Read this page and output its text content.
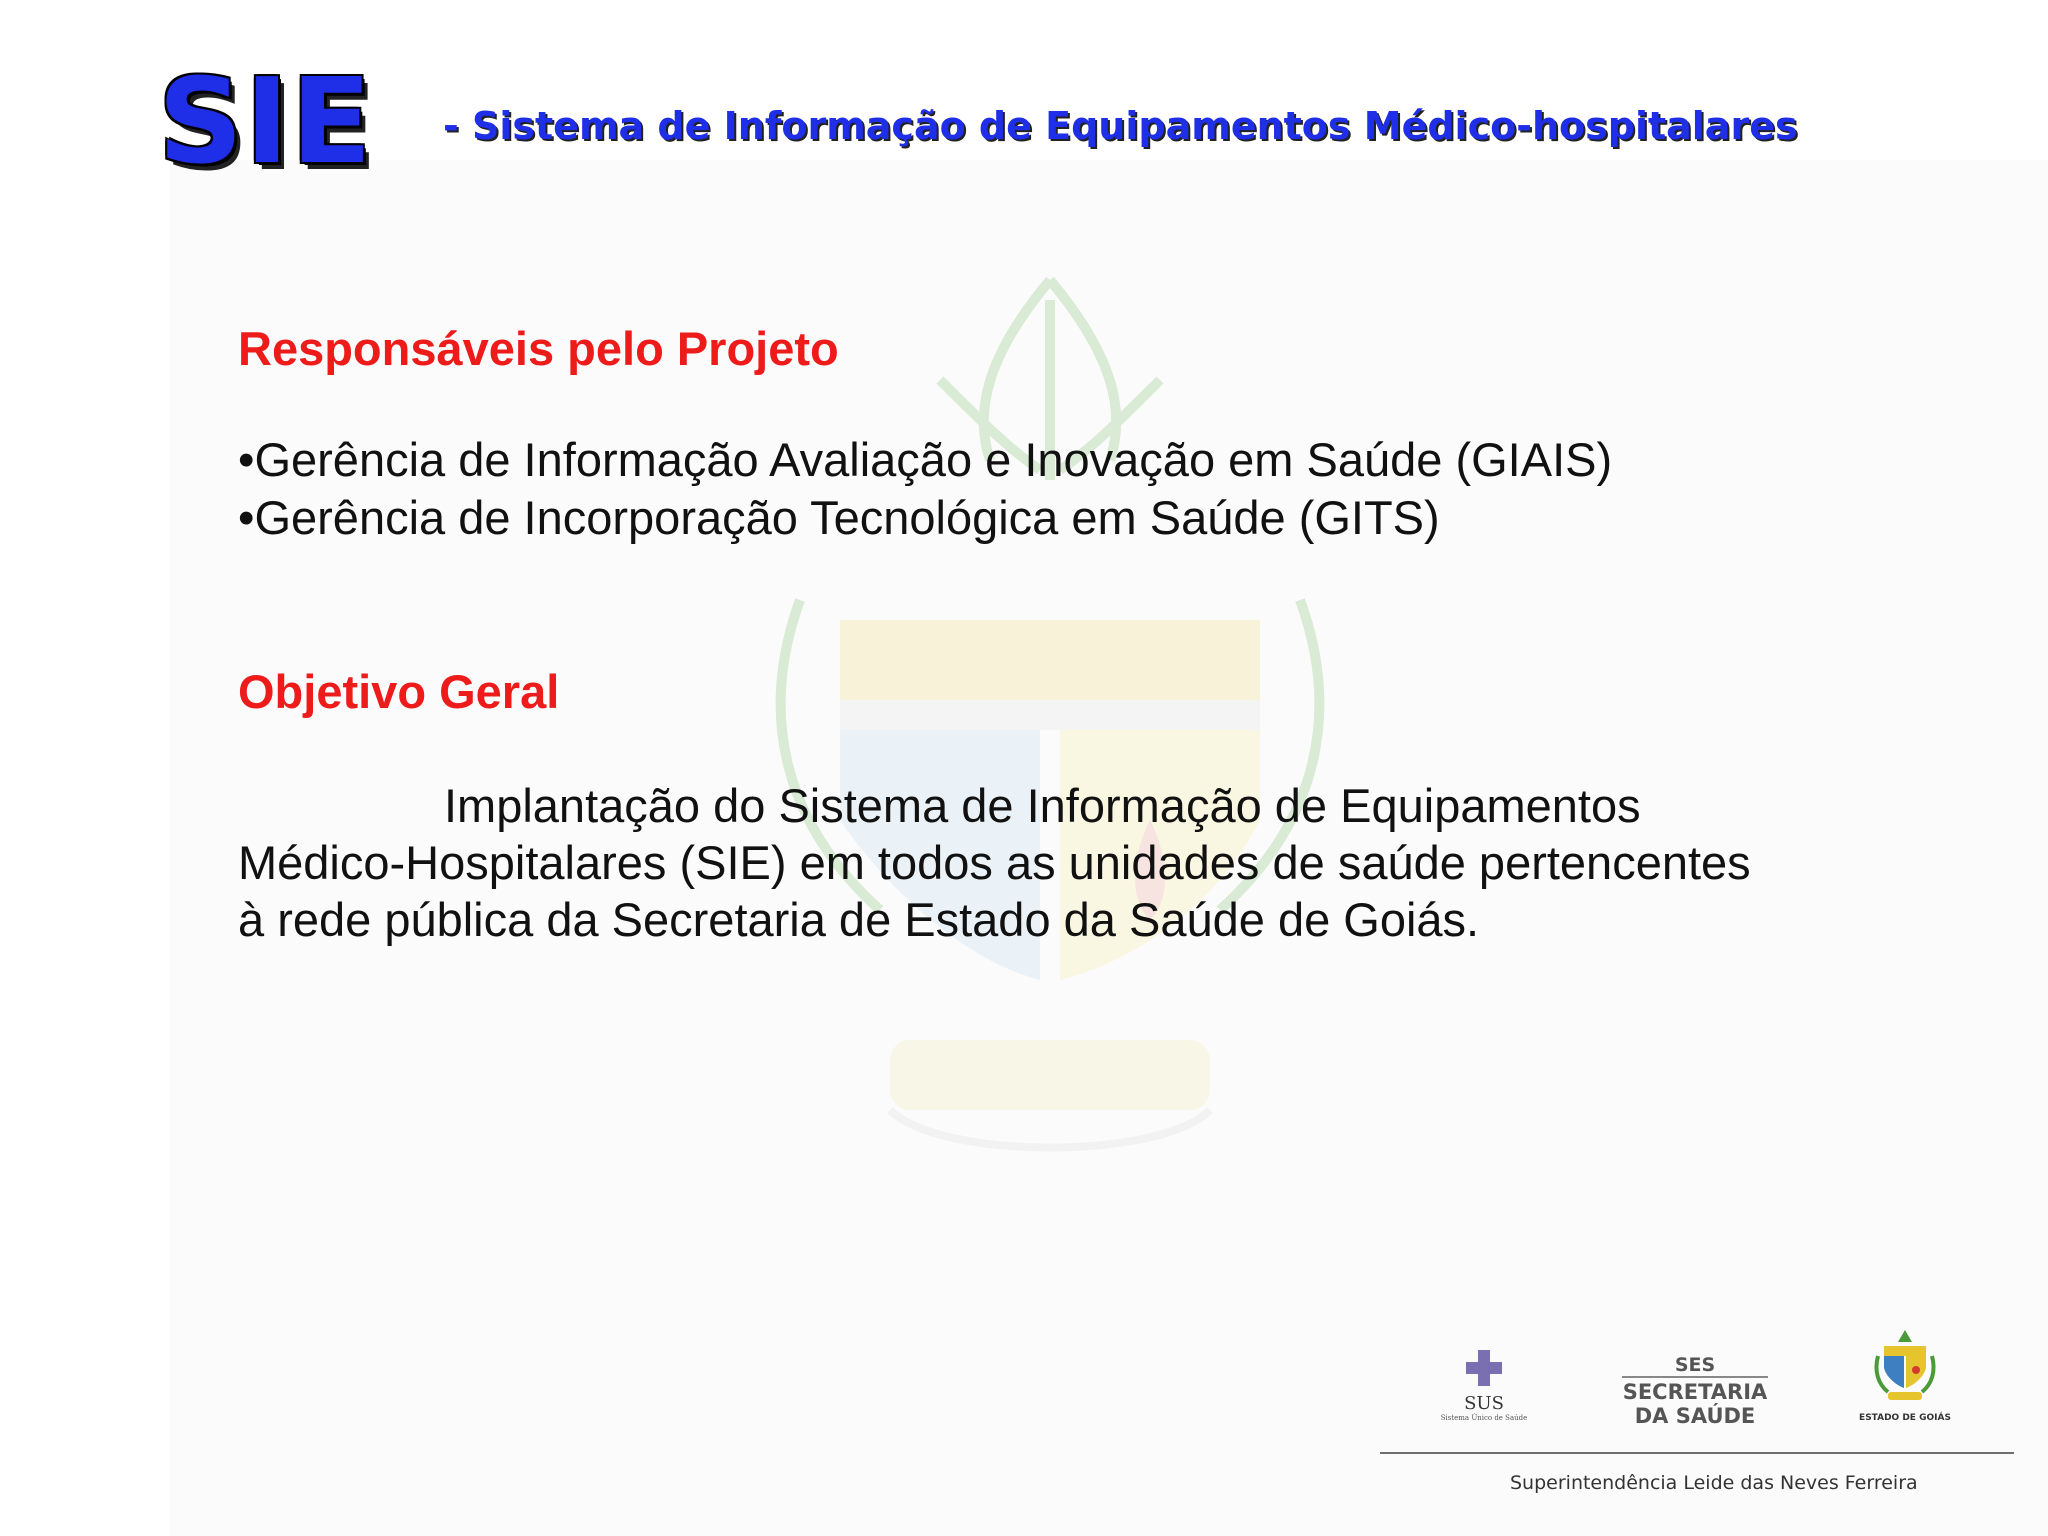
SIE - Sistema de Informação de Equipamentos Médico-hospitalares
Responsáveis pelo Projeto
•Gerência de Informação Avaliação e Inovação em Saúde (GIAIS)
•Gerência de Incorporação Tecnológica em Saúde (GITS)
Objetivo Geral

Implantação do Sistema de Informação de Equipamentos Médico-Hospitalares (SIE) em todos as unidades de saúde pertencentes à rede pública da Secretaria de Estado da Saúde de Goiás.

SUS
Sistema Único de Saúde
SES
SECRETARIA
DA SAÚDE	ESTADO DE GOIÁS
Superintendência Leide das Neves Ferreira
